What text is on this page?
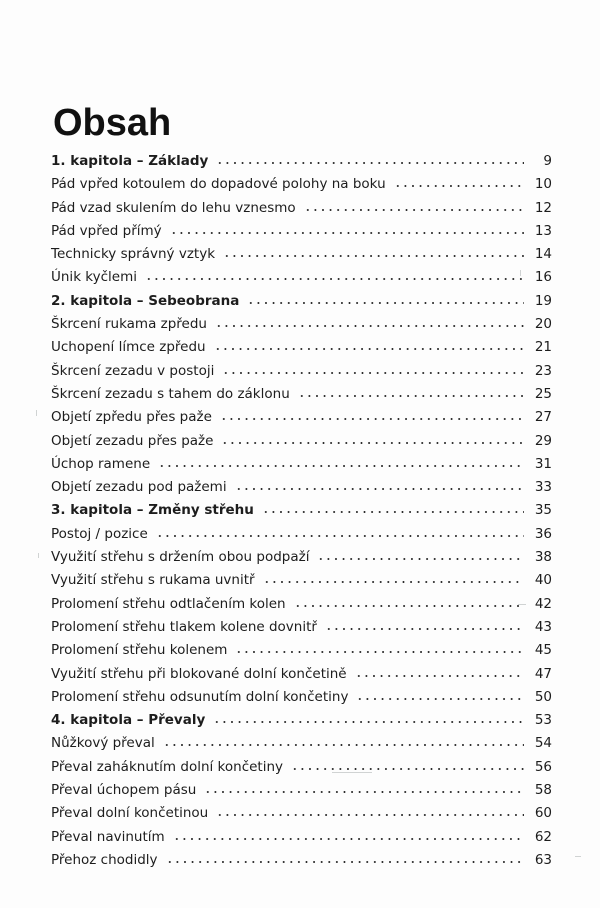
Obsah
1. kapitola – Základy	9
Pád vpřed kotoulem do dopadové polohy na boku	10
Pád vzad skulením do lehu vznesmo	12
Pád vpřed přímý	13
Technicky správný vztyk	14
Únik kyčlemi	16
2. kapitola – Sebeobrana	19
Škrcení rukama zpředu	20
Uchopení límce zpředu	21
Škrcení zezadu v postoji	23
Škrcení zezadu s tahem do záklonu	25
Objetí zpředu přes paže	27
Objetí zezadu přes paže	29
Úchop ramene	31
Objetí zezadu pod pažemi	33
3. kapitola – Změny střehu	35
Postoj / pozice	36
Využití střehu s držením obou podpaží	38
Využití střehu s rukama uvnitř	40
Prolomení střehu odtlačením kolen	42
Prolomení střehu tlakem kolene dovnitř	43
Prolomení střehu kolenem	45
Využití střehu při blokované dolní končetině	47
Prolomení střehu odsunutím dolní končetiny	50
4. kapitola – Převaly	53
Nůžkový převal	54
Převal zaháknutím dolní končetiny	56
Převal úchopem pásu	58
Převal dolní končetinou	60
Převal navinutím	62
Přehoz chodidly	63
